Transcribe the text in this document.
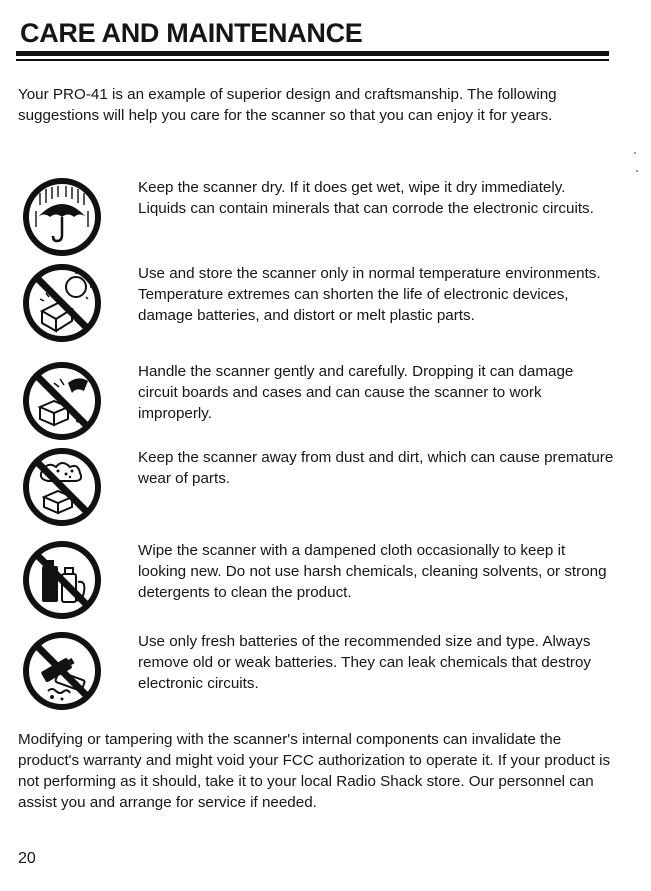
CARE AND MAINTENANCE

Your PRO-41 is an example of superior design and craftsmanship. The following suggestions will help you care for the scanner so that you can enjoy it for years.

Keep the scanner dry. If it does get wet, wipe it dry immediately. Liquids can contain minerals that can corrode the electronic circuits.

Use and store the scanner only in normal temperature environments. Temperature extremes can shorten the life of electronic devices, damage batteries, and distort or melt plastic parts.

Handle the scanner gently and carefully. Dropping it can damage circuit boards and cases and can cause the scanner to work improperly.

Keep the scanner away from dust and dirt, which can cause premature wear of parts.

Wipe the scanner with a dampened cloth occasionally to keep it looking new. Do not use harsh chemicals, cleaning solvents, or strong detergents to clean the product.

Use only fresh batteries of the recommended size and type. Always remove old or weak batteries. They can leak chemicals that destroy electronic circuits.

Modifying or tampering with the scanner's internal components can invalidate the product's warranty and might void your FCC authorization to operate it. If your product is not performing as it should, take it to your local Radio Shack store. Our personnel can assist you and arrange for service if needed.

20
